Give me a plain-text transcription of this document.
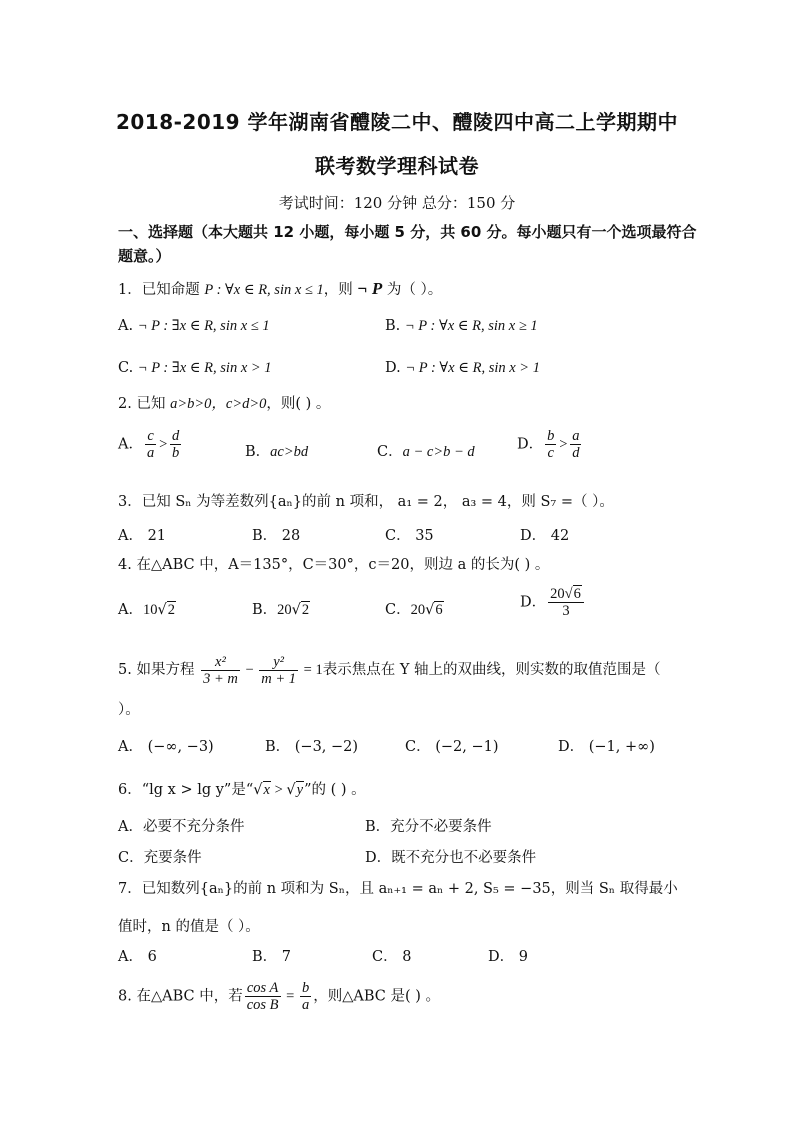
2018-2019 学年湖南省醴陵二中、醴陵四中高二上学期期中
联考数学理科试卷
考试时间：120 分钟 总分：150 分
一、选择题（本大题共 12 小题，每小题 5 分，共 60 分。每小题只有一个选项最符合题意。）
1．已知命题 P : ∀x ∈ R, sin x ≤ 1，则 ¬ P 为（ ）。
A. ¬ P : ∃x ∈ R, sin x ≤ 1	B. ¬ P : ∀x ∈ R, sin x ≥ 1
C. ¬ P : ∃x ∈ R, sin x > 1	D. ¬ P : ∀x ∈ R, sin x > 1
2. 已知 a>b>0，c>d>0，则( ) 。
A． $\frac{c}{a} > \frac{d}{b}$	B．ac>bd	C．a − c>b − d	D． $\frac{b}{c} > \frac{a}{d}$
3．已知 Sₙ 为等差数列{aₙ}的前 n 项和， a₁ = 2， a₃ = 4，则 S₇ =（ ）。
A． 21	B． 28	C． 35	D． 42
4. 在△ABC 中，A＝135°，C＝30°，c＝20，则边 a 的长为( ) 。
A．10√2	B．20√2	C．20√6	D． $\frac{20√6}{3}$
5. 如果方程 $\frac{\text{x²}}{3 + m} - \frac{\text{y²}}{m + 1} = 1$表示焦点在 Y 轴上的双曲线，则实数的取值范围是（ ）。
A． (−∞, −3)	B． (−3, −2)	C． (−2, −1)	D． (−1, +∞)
6．“lg x > lg y”是“√x > √y”的 ( ) 。
A．必要不充分条件	B．充分不必要条件
C．充要条件	D．既不充分也不必要条件
7．已知数列{aₙ}的前 n 项和为 Sₙ，且 aₙ₊₁ = aₙ + 2, S₅ = −35，则当 Sₙ 取得最小值时，n 的值是（ ）。
A． 6	B． 7	C． 8	D． 9
8. 在△ABC 中，若 $\frac{\text{cos A}}{\text{cos B}} = \frac{b}{a}$ ，则△ABC 是( ) 。
